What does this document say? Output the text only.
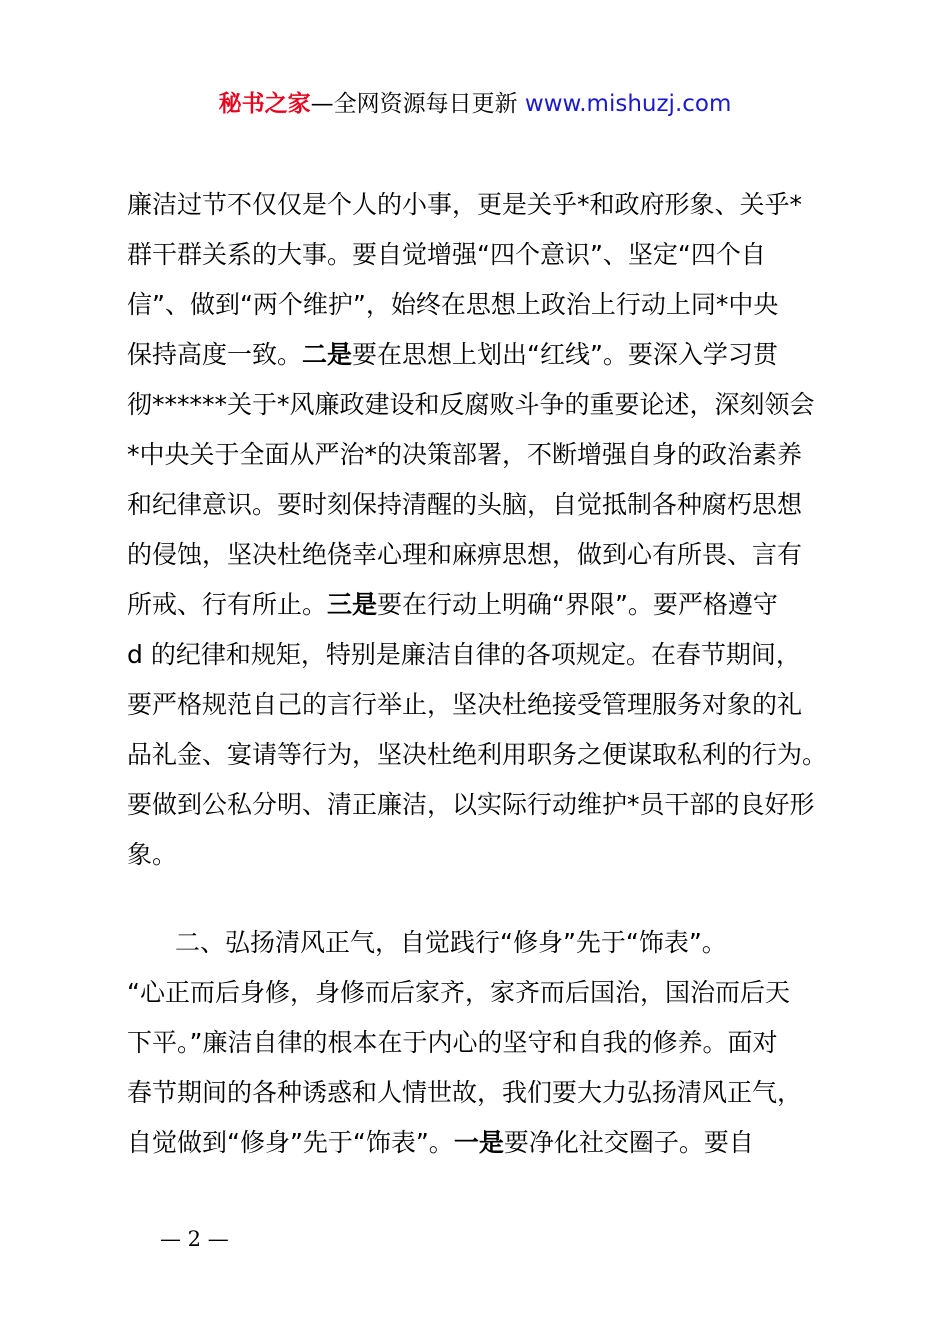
秘书之家—全网资源每日更新 www.mishuzj.com
廉洁过节不仅仅是个人的小事，更是关乎*和政府形象、关乎*
群干群关系的大事。要自觉增强“四个意识”、坚定“四个自
信”、做到“两个维护”，始终在思想上政治上行动上同*中央
保持高度一致。二是要在思想上划出“红线”。要深入学习贯
彻******关于*风廉政建设和反腐败斗争的重要论述，深刻领会
*中央关于全面从严治*的决策部署，不断增强自身的政治素养
和纪律意识。要时刻保持清醒的头脑，自觉抵制各种腐朽思想
的侵蚀，坚决杜绝侥幸心理和麻痹思想，做到心有所畏、言有
所戒、行有所止。三是要在行动上明确“界限”。要严格遵守
d 的纪律和规矩，特别是廉洁自律的各项规定。在春节期间，
要严格规范自己的言行举止，坚决杜绝接受管理服务对象的礼
品礼金、宴请等行为，坚决杜绝利用职务之便谋取私利的行为。
要做到公私分明、清正廉洁，以实际行动维护*员干部的良好形
象。
二、弘扬清风正气，自觉践行“修身”先于“饰表”。
“心正而后身修，身修而后家齐，家齐而后国治，国治而后天
下平。”廉洁自律的根本在于内心的坚守和自我的修养。面对
春节期间的各种诱惑和人情世故，我们要大力弘扬清风正气，
自觉做到“修身”先于“饰表”。一是要净化社交圈子。要自
— 2 —
